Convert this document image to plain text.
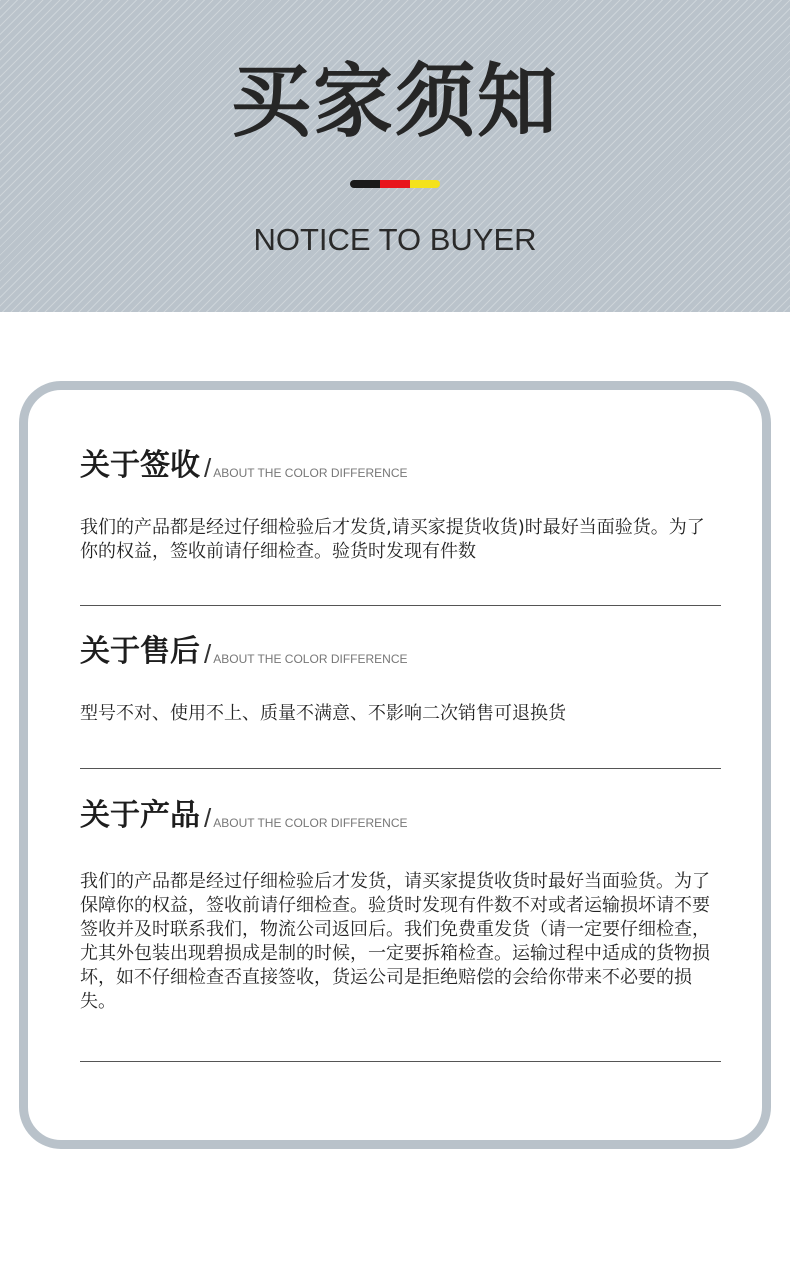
买家须知
NOTICE TO BUYER
关于签收 / ABOUT THE COLOR DIFFERENCE
我们的产品都是经过仔细检验后才发货,请买家提货收货)时最好当面验货。为了你的权益，签收前请仔细检查。验货时发现有件数
关于售后 / ABOUT THE COLOR DIFFERENCE
型号不对、使用不上、质量不满意、不影响二次销售可退换货
关于产品 / ABOUT THE COLOR DIFFERENCE
我们的产品都是经过仔细检验后才发货，请买家提货收货时最好当面验货。为了保障你的权益，签收前请仔细检查。验货时发现有件数不对或者运输损坏请不要签收并及时联系我们，物流公司返回后。我们免费重发货（请一定要仔细检查，尤其外包装出现碧损成是制的时候，一定要拆箱检查。运输过程中适成的货物损坏，如不仔细检查否直接签收，货运公司是拒绝赔偿的会给你带来不必要的损失。
